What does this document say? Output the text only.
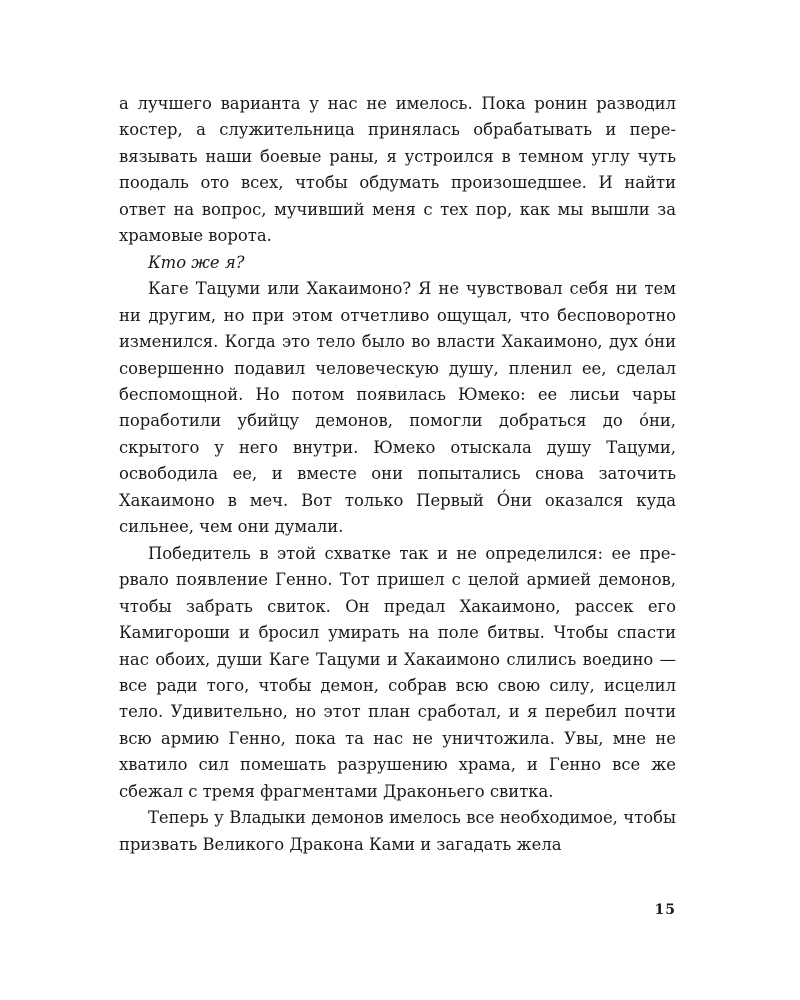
а лучшего варианта у нас не имелось. Пока ронин разводил костер, а служительница принялась обрабатывать и перевязывать наши боевые раны, я устроился в темном углу чуть поодаль ото всех, чтобы обдумать произошедшее. И найти ответ на вопрос, мучивший меня с тех пор, как мы вышли за храмовые ворота.

Кто же я?

Каге Тацуми или Хакаимоно? Я не чувствовал себя ни тем ни другим, но при этом отчетливо ощущал, что бесповоротно изменился. Когда это тело было во власти Хакаимоно, дух о́ни совершенно подавил человеческую душу, пленил ее, сделал беспомощной. Но потом появилась Юмеко: ее лисьи чары поработили убийцу демонов, помогли добраться до о́ни, скрытого у него внутри. Юмеко отыскала душу Тацуми, освободила ее, и вместе они попытались снова заточить Хакаимоно в меч. Вот только Первый О́ни оказался куда сильнее, чем они думали.

Победитель в этой схватке так и не определился: ее прервало появление Генно. Тот пришел с целой армией демонов, чтобы забрать свиток. Он предал Хакаимоно, рассек его Камигороши и бросил умирать на поле битвы. Чтобы спасти нас обоих, души Каге Тацуми и Хакаимоно слились воедино — все ради того, чтобы демон, собрав всю свою силу, исцелил тело. Удивительно, но этот план сработал, и я перебил почти всю армию Генно, пока та нас не уничтожила. Увы, мне не хватило сил помешать разрушению храма, и Генно все же сбежал с тремя фрагментами Драконьего свитка.

Теперь у Владыки демонов имелось все необходимое, чтобы призвать Великого Дракона Ками и загадать жела

15
